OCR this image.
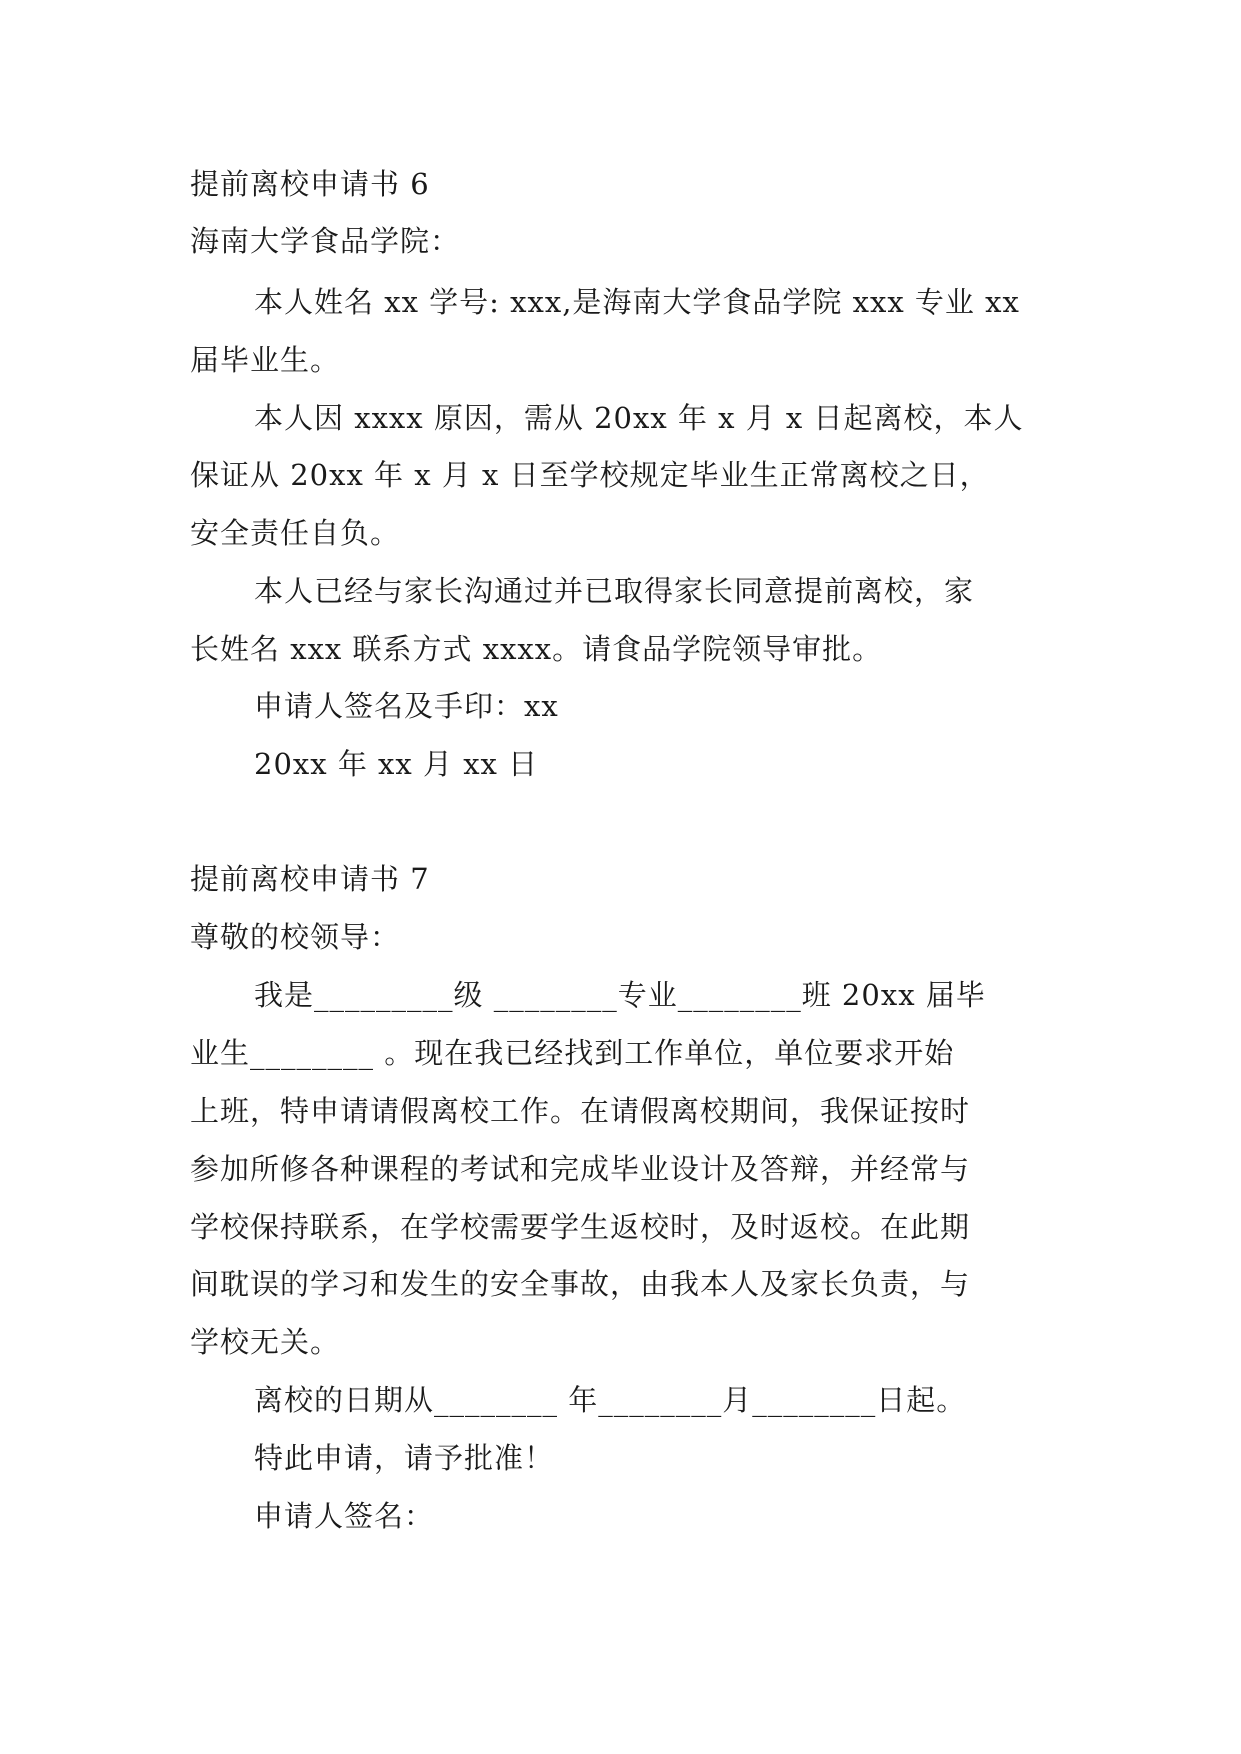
提前离校申请书 6
海南大学食品学院：
本人姓名 xx 学号: xxx,是海南大学食品学院 xxx 专业 xx
届毕业生。
本人因 xxxx 原因，需从 20xx 年 x 月 x 日起离校，本人
保证从 20xx 年 x 月 x 日至学校规定毕业生正常离校之日，
安全责任自负。
本人已经与家长沟通过并已取得家长同意提前离校，家
长姓名 xxx 联系方式 xxxx。请食品学院领导审批。
申请人签名及手印：xx
20xx 年 xx 月 xx 日
提前离校申请书 7
尊敬的校领导：
我是_________级 ________专业________班 20xx 届毕
业生________ 。现在我已经找到工作单位，单位要求开始
上班，特申请请假离校工作。在请假离校期间，我保证按时
参加所修各种课程的考试和完成毕业设计及答辩，并经常与
学校保持联系，在学校需要学生返校时，及时返校。在此期
间耽误的学习和发生的安全事故，由我本人及家长负责，与
学校无关。
离校的日期从________ 年________月________日起。
特此申请，请予批准！
申请人签名：
